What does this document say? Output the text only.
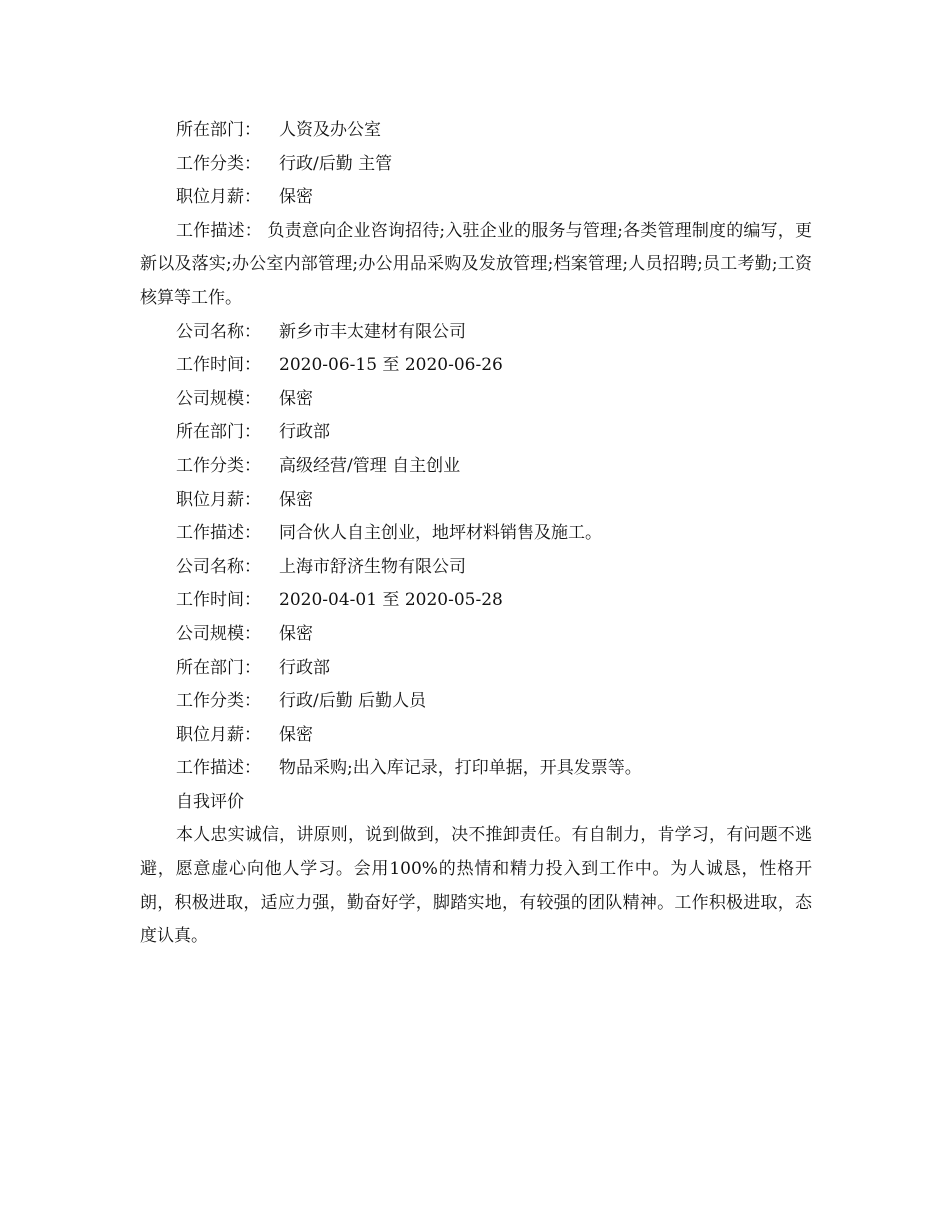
所在部门： 人资及办公室
工作分类： 行政/后勤 主管
职位月薪： 保密

工作描述： 负责意向企业咨询招待;入驻企业的服务与管理;各类管理制度的编写，更新以及落实;办公室内部管理;办公用品采购及发放管理;档案管理;人员招聘;员工考勤;工资核算等工作。

公司名称： 新乡市丰太建材有限公司
工作时间： 2020-06-15 至 2020-06-26
公司规模： 保密
所在部门： 行政部
工作分类： 高级经营/管理 自主创业
职位月薪： 保密
工作描述： 同合伙人自主创业，地坪材料销售及施工。
公司名称： 上海市舒济生物有限公司
工作时间： 2020-04-01 至 2020-05-28
公司规模： 保密
所在部门： 行政部
工作分类： 行政/后勤 后勤人员
职位月薪： 保密
工作描述： 物品采购;出入库记录，打印单据，开具发票等。

自我评价

本人忠实诚信，讲原则，说到做到，决不推卸责任。有自制力，肯学习，有问题不逃避，愿意虚心向他人学习。会用100%的热情和精力投入到工作中。为人诚恳，性格开朗，积极进取，适应力强，勤奋好学，脚踏实地，有较强的团队精神。工作积极进取，态度认真。
